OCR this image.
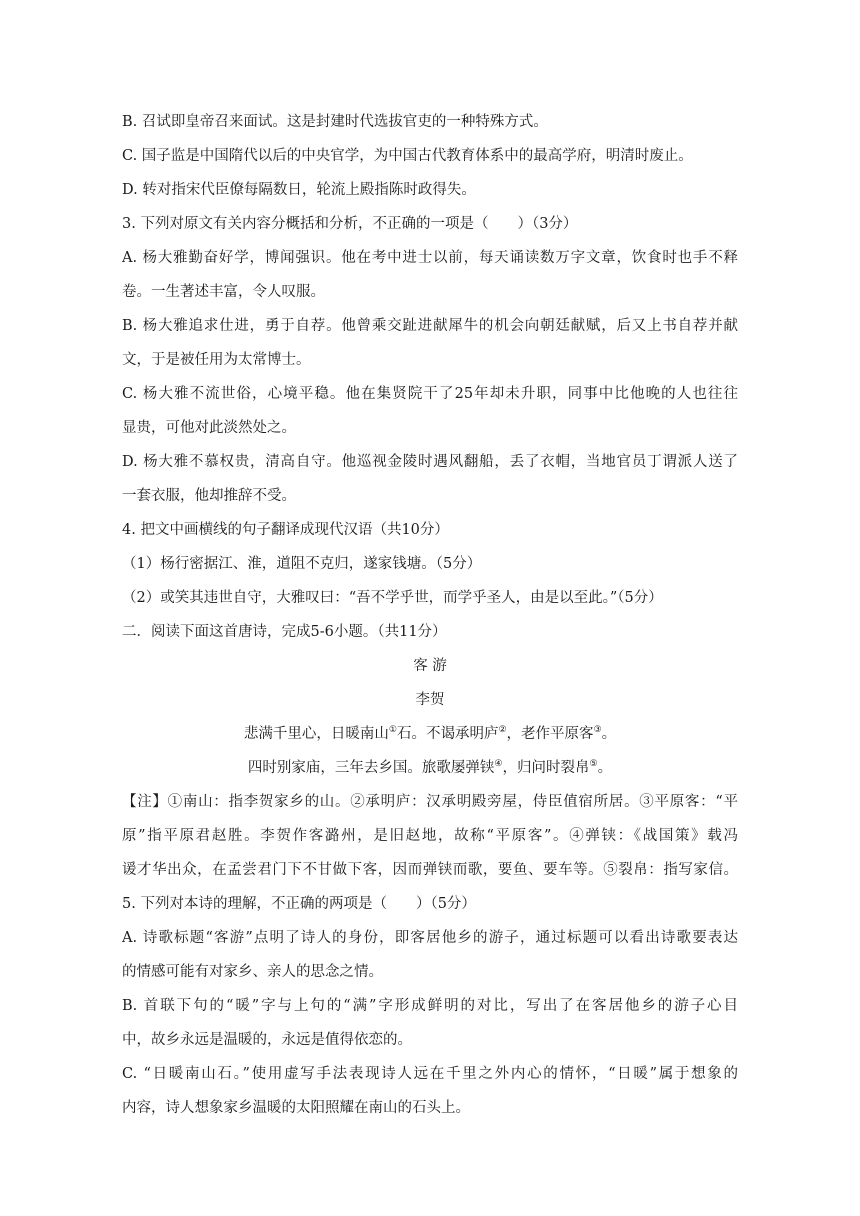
B. 召试即皇帝召来面试。这是封建时代选拔官吏的一种特殊方式。
C. 国子监是中国隋代以后的中央官学，为中国古代教育体系中的最高学府，明清时废止。
D. 转对指宋代臣僚每隔数日，轮流上殿指陈时政得失。
3. 下列对原文有关内容分概括和分析，不正确的一项是（　　）（3分）
A. 杨大雅勤奋好学，博闻强识。他在考中进士以前，每天诵读数万字文章，饮食时也手不释
卷。一生著述丰富，令人叹服。
B. 杨大雅追求仕进，勇于自荐。他曾乘交趾进献犀牛的机会向朝廷献赋，后又上书自荐并献
文，于是被任用为太常博士。
C. 杨大雅不流世俗，心境平稳。他在集贤院干了25年却未升职，同事中比他晚的人也往往
显贵，可他对此淡然处之。
D. 杨大雅不慕权贵，清高自守。他巡视金陵时遇风翻船，丢了衣帽，当地官员丁谓派人送了
一套衣服，他却推辞不受。
4. 把文中画横线的句子翻译成现代汉语（共10分）
（1）杨行密据江、淮，道阻不克归，遂家钱塘。（5分）
（2）或笑其违世自守，大雅叹曰：“吾不学乎世，而学乎圣人，由是以至此。”（5分）
二．阅读下面这首唐诗，完成5-6小题。（共11分）
客 游
李贺
悲满千里心，日暖南山①石。不谒承明庐②，老作平原客③。
四时别家庙，三年去乡国。旅歌屡弹铗④，归问时裂帛⑤。
【注】①南山：指李贺家乡的山。②承明庐：汉承明殿旁屋，侍臣值宿所居。③平原客：“平
原”指平原君赵胜。李贺作客潞州，是旧赵地，故称“平原客”。④弹铗：《战国策》载冯
谖才华出众，在孟尝君门下不甘做下客，因而弹铗而歌，要鱼、要车等。⑤裂帛：指写家信。
5. 下列对本诗的理解，不正确的两项是（　　）（5分）
A. 诗歌标题“客游”点明了诗人的身份，即客居他乡的游子，通过标题可以看出诗歌要表达
的情感可能有对家乡、亲人的思念之情。
B. 首联下句的“暖”字与上句的“满”字形成鲜明的对比，写出了在客居他乡的游子心目
中，故乡永远是温暖的，永远是值得依恋的。
C. “日暖南山石。”使用虚写手法表现诗人远在千里之外内心的情怀，“日暖”属于想象的
内容，诗人想象家乡温暖的太阳照耀在南山的石头上。
